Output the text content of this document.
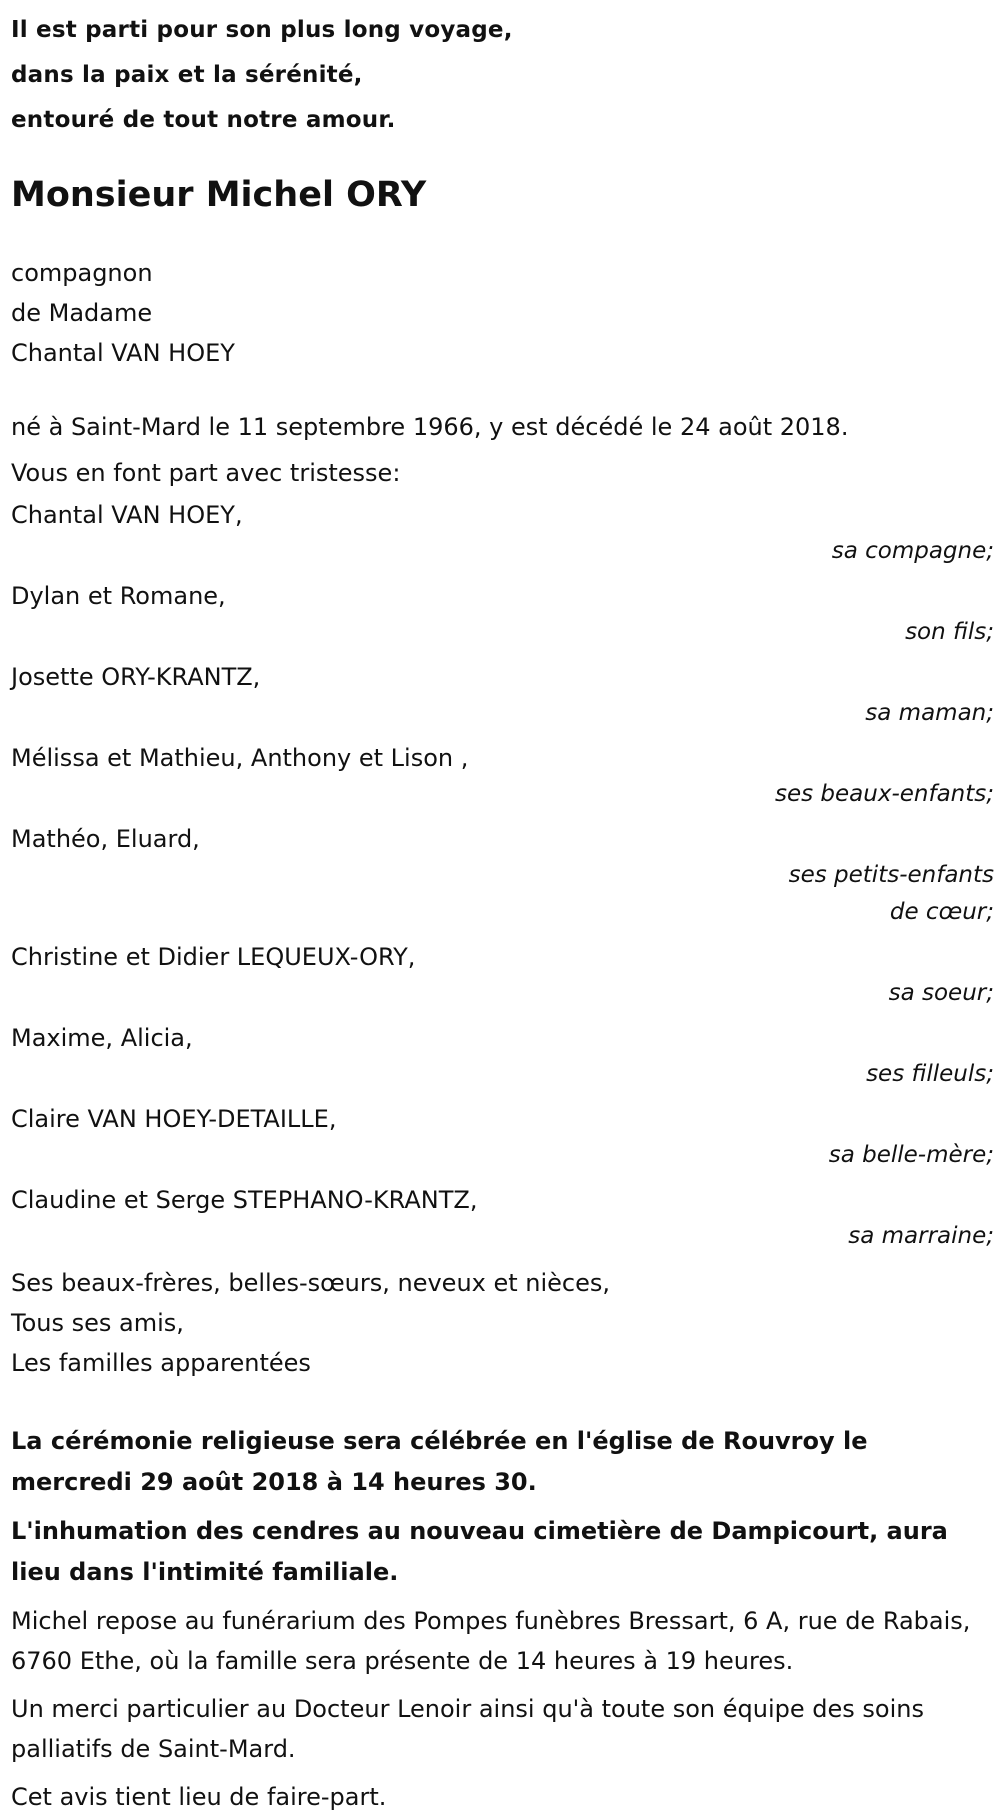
Il est parti pour son plus long voyage,

dans la paix et la sérénité,

entouré de tout notre amour.

Monsieur Michel ORY

compagnon

de Madame

Chantal VAN HOEY

né à Saint-Mard le 11 septembre 1966, y est décédé le 24 août 2018.

Vous en font part avec tristesse:

Chantal VAN HOEY,

sa compagne;

Dylan et Romane,

son fils;

Josette ORY-KRANTZ,

sa maman;

Mélissa et Mathieu, Anthony et Lison ,

ses beaux-enfants;

Mathéo, Eluard,

ses petits-enfants

de cœur;

Christine et Didier LEQUEUX-ORY,

sa soeur;

Maxime, Alicia,

ses filleuls;

Claire VAN HOEY-DETAILLE,

sa belle-mère;

Claudine et Serge STEPHANO-KRANTZ,

sa marraine;

Ses beaux-frères, belles-sœurs, neveux et nièces,

Tous ses amis,

Les familles apparentées

La cérémonie religieuse sera célébrée en l'église de Rouvroy le mercredi 29 août 2018 à 14 heures 30.

L'inhumation des cendres au nouveau cimetière de Dampicourt, aura lieu dans l'intimité familiale.

Michel repose au funérarium des Pompes funèbres Bressart, 6 A, rue de Rabais, 6760 Ethe, où la famille sera présente de 14 heures à 19 heures.

Un merci particulier au Docteur Lenoir ainsi qu'à toute son équipe des soins palliatifs de Saint-Mard.

Cet avis tient lieu de faire-part.
